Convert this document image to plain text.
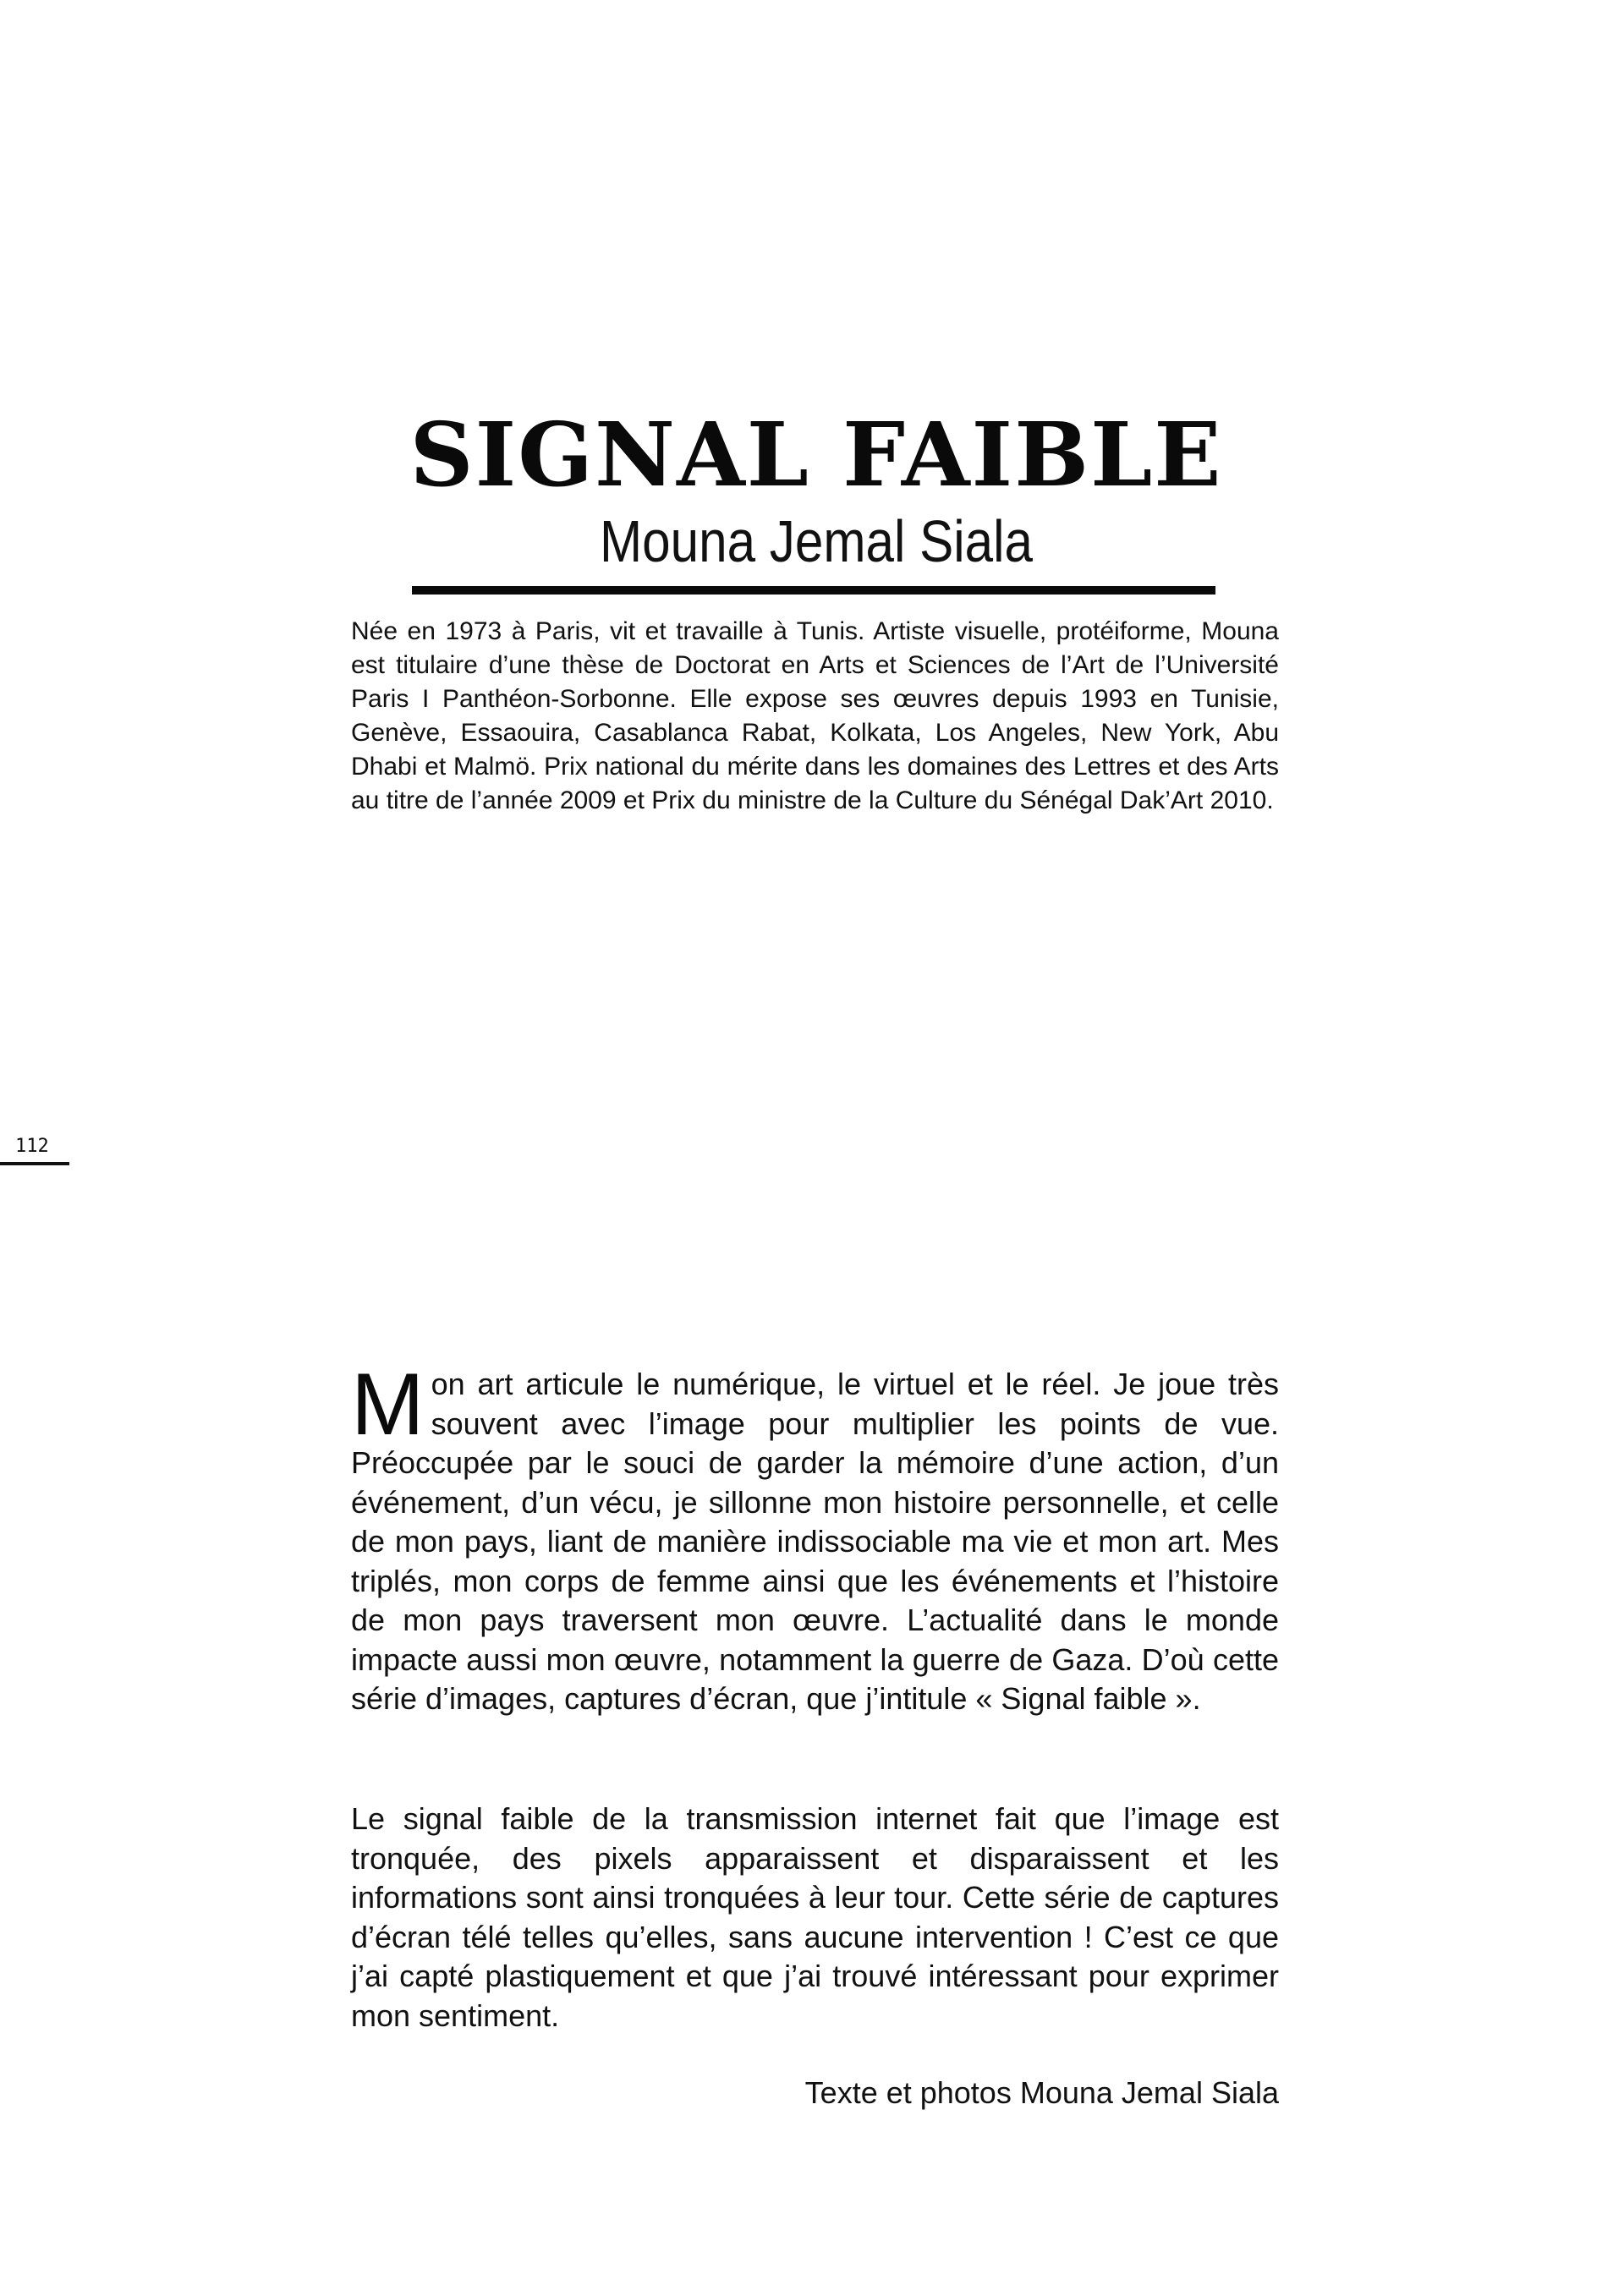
SIGNAL FAIBLE
Mouna Jemal Siala

Née en 1973 à Paris, vit et travaille à Tunis. Artiste visuelle, protéiforme, Mouna est titulaire d’une thèse de Doctorat en Arts et Sciences de l’Art de l’Université Paris I Panthéon-Sorbonne. Elle expose ses œuvres depuis 1993 en Tunisie, Genève, Essaouira, Casablanca Rabat, Kolkata, Los Angeles, New York, Abu Dhabi et Malmö. Prix national du mérite dans les domaines des Lettres et des Arts au titre de l’année 2009 et Prix du ministre de la Culture du Sénégal Dak’Art 2010.

112

Mon art articule le numérique, le virtuel et le réel. Je joue très souvent avec l’image pour multiplier les points de vue. Préoccupée par le souci de garder la mémoire d’une action, d’un événement, d’un vécu, je sillonne mon histoire personnelle, et celle de mon pays, liant de manière indissociable ma vie et mon art. Mes triplés, mon corps de femme ainsi que les événements et l’histoire de mon pays traversent mon œuvre. L’actualité dans le monde impacte aussi mon œuvre, notamment la guerre de Gaza. D’où cette série d’images, captures d’écran, que j’intitule « Signal faible ».

Le signal faible de la transmission internet fait que l’image est tronquée, des pixels apparaissent et disparaissent et les informations sont ainsi tronquées à leur tour. Cette série de captures d’écran télé telles qu’elles, sans aucune intervention ! C’est ce que j’ai capté plastiquement et que j’ai trouvé intéressant pour exprimer mon sentiment.

Texte et photos Mouna Jemal Siala
